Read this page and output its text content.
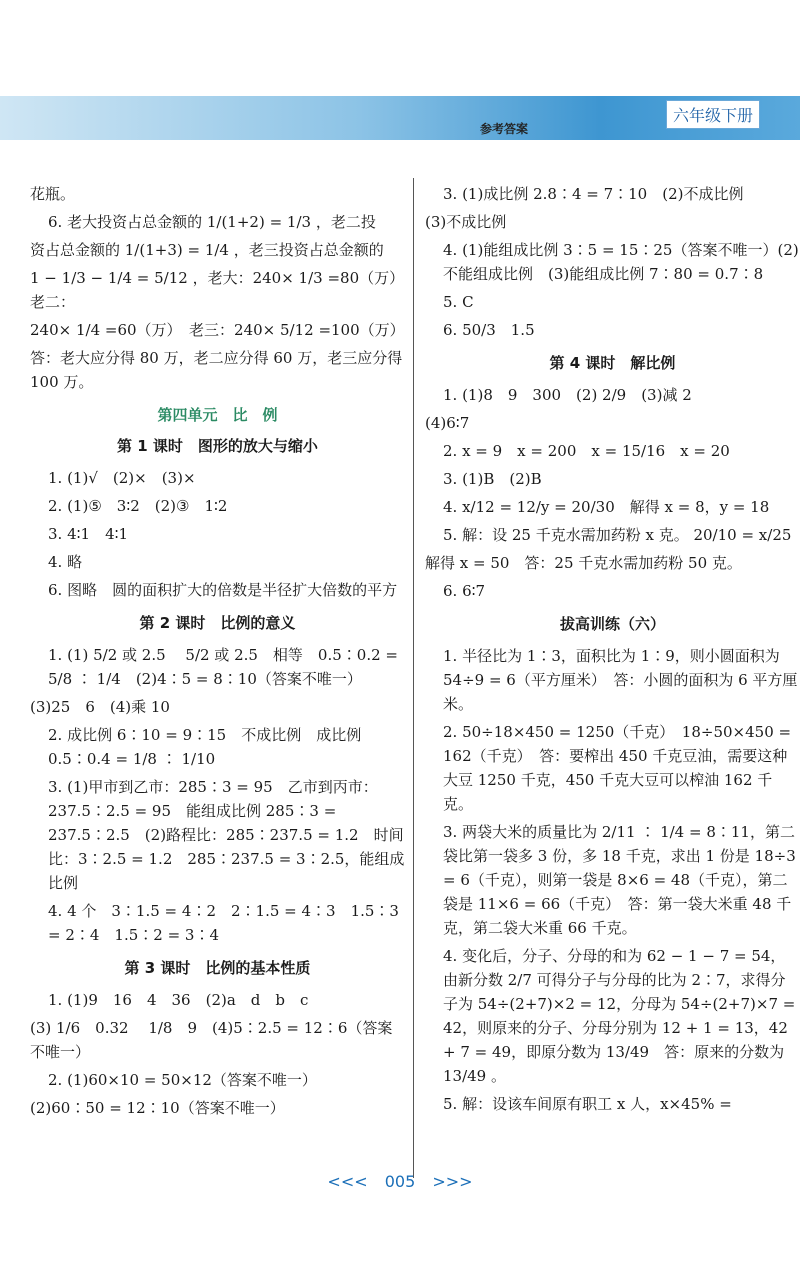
参考答案
六年级下册
花瓶。
6. 老大投资占总金额的 1/(1+2) = 1/3 ，老二投
资占总金额的 1/(1+3) = 1/4 ，老三投资占总金额的
1 − 1/3 − 1/4 = 5/12 ，老大：240× 1/3 =80（万）　老二：
240× 1/4 =60（万）　老三：240× 5/12 =100（万）
答：老大应分得 80 万，老二应分得 60 万，老三应分得 100 万。
第四单元　比　例
第 1 课时　图形的放大与缩小
1. (1)√　(2)×　(3)×
2. (1)⑤　3∶2　(2)③　1∶2
3. 4∶1　4∶1
4. 略
6. 图略　圆的面积扩大的倍数是半径扩大倍数的平方
第 2 课时　比例的意义
1. (1) 5/2 或 2.5　 5/2 或 2.5　相等　0.5∶0.2 = 5/8 ∶ 1/4　(2)4∶5 = 8∶10（答案不唯一）
(3)25　6　(4)乘 10
2. 成比例 6∶10 = 9∶15　不成比例　成比例 0.5∶0.4 = 1/8 ∶ 1/10
3. (1)甲市到乙市：285∶3 = 95　乙市到丙市：237.5∶2.5 = 95　能组成比例 285∶3 = 237.5∶2.5　(2)路程比：285∶237.5 = 1.2　时间比：3∶2.5 = 1.2　285∶237.5 = 3∶2.5，能组成比例
4. 4 个　3∶1.5 = 4∶2　2∶1.5 = 4∶3　1.5∶3 = 2∶4　1.5∶2 = 3∶4
第 3 课时　比例的基本性质
1. (1)9　16　4　36　(2)a　d　b　c
(3) 1/6　0.32　 1/8　9　(4)5∶2.5 = 12∶6（答案不唯一）
2. (1)60×10 = 50×12（答案不唯一）
(2)60∶50 = 12∶10（答案不唯一）
3. (1)成比例 2.8∶4 = 7∶10　(2)不成比例
(3)不成比例
4. (1)能组成比例 3∶5 = 15∶25（答案不唯一）(2)不能组成比例　(3)能组成比例 7∶80 = 0.7∶8
5. C
6. 50/3　1.5
第 4 课时　解比例
1. (1)8　9　300　(2) 2/9　(3)减 2
(4)6∶7
2. x = 9　x = 200　x = 15/16　x = 20
3. (1)B　(2)B
4. x/12 = 12/y = 20/30　解得 x = 8，y = 18
5. 解：设 25 千克水需加药粉 x 克。 20/10 = x/25
解得 x = 50　答：25 千克水需加药粉 50 克。
6. 6∶7
拔高训练（六）
1. 半径比为 1∶3，面积比为 1∶9，则小圆面积为 54÷9 = 6（平方厘米）　答：小圆的面积为 6 平方厘米。
2. 50÷18×450 = 1250（千克）　18÷50×450 = 162（千克）　答：要榨出 450 千克豆油，需要这种大豆 1250 千克，450 千克大豆可以榨油 162 千克。
3. 两袋大米的质量比为 2/11 ∶ 1/4 = 8∶11，第二袋比第一袋多 3 份，多 18 千克，求出 1 份是 18÷3 = 6（千克），则第一袋是 8×6 = 48（千克），第二袋是 11×6 = 66（千克）　答：第一袋大米重 48 千克，第二袋大米重 66 千克。
4. 变化后，分子、分母的和为 62 − 1 − 7 = 54，由新分数 2/7 可得分子与分母的比为 2∶7，求得分子为 54÷(2+7)×2 = 12，分母为 54÷(2+7)×7 = 42，则原来的分子、分母分别为 12 + 1 = 13，42 + 7 = 49，即原分数为 13/49　答：原来的分数为 13/49 。
5. 解：设该车间原有职工 x 人，x×45% =
<<< 005 >>>
